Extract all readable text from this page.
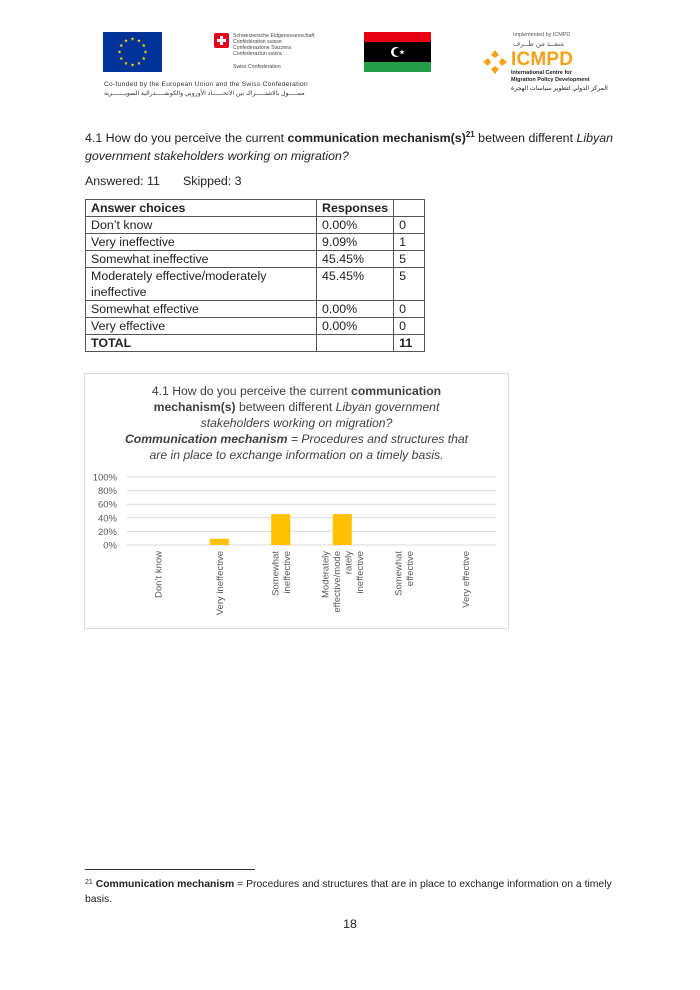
Schweizerische Eidgenossenschaft
Confédération suisse
Confederazione Svizzera
Confederaziun svizra
Swiss Confederation
Implemented by ICMPD
منفــذ من طــرف
ICMPD
International Centre for
Migration Policy Development
المركز الدولي لتطوير سياسات الهجرة
Co-funded by the European Union and the Swiss Confederation
ممـــــول بالاشتـــــراك بين الاتحــــــاد الأوروبي والكونفـــــدرالية السويـــــــرية
4.1 How do you perceive the current communication $mechanism(s)^{21}$ between different Libyan government stakeholders working on migration?
Answered: 11 Skipped: 3
Answer choices	Responses	
Don’t know	0.00%	0
Very ineffective	9.09%	1
Somewhat ineffective	45.45%	5
Moderately effective/moderately ineffective	45.45%	5
Somewhat effective	0.00%	0
Very effective	0.00%	0
TOTAL		11
4.1 How do you perceive the current communication
mechanism(s) between different Libyan government
stakeholders working on migration?
Communication mechanism = Procedures and structures that
are in place to exchange information on a timely basis.
0%
20%
40%
60%
80%
100%
Don’t know	Very ineffective	Somewhat ineffective	Moderately effective/mode rately ineffective	Somewhat effective	Very effective
$^{21}$ Communication mechanism = Procedures and structures that are in place to exchange information on a timely basis.
18
